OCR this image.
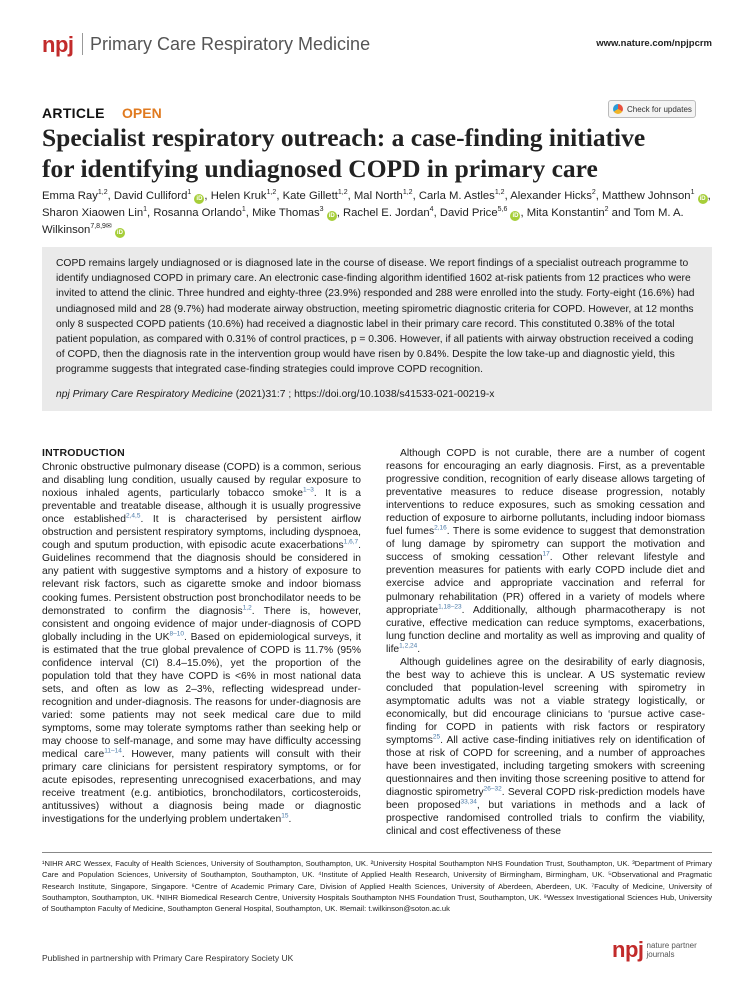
npj Primary Care Respiratory Medicine	www.nature.com/npjpcrm
ARTICLE OPEN	Check for updates
Specialist respiratory outreach: a case-finding initiative for identifying undiagnosed COPD in primary care
Emma Ray$^{1,2}$, David Culliford$^1$ iD , Helen Kruk$^{1,2}$, Kate Gillett$^{1,2}$, Mal North$^{1,2}$, Carla M. Astles$^{1,2}$, Alexander Hicks$^2$, Matthew Johnson$^1$ iD , Sharon Xiaowen Lin$^1$, Rosanna Orlando$^1$, Mike Thomas$^3$ iD , Rachel E. Jordan$^4$, David Price$^{5,6}$ iD , Mita Konstantin$^2$ and Tom M. A. Wilkinson$^{7,8,9✉}$ iD

COPD remains largely undiagnosed or is diagnosed late in the course of disease. We report findings of a specialist outreach programme to identify undiagnosed COPD in primary care. An electronic case-finding algorithm identified 1602 at-risk patients from 12 practices who were invited to attend the clinic. Three hundred and eighty-three (23.9%) responded and 288 were enrolled into the study. Forty-eight (16.6%) had undiagnosed mild and 28 (9.7%) had moderate airway obstruction, meeting spirometric diagnostic criteria for COPD. However, at 12 months only 8 suspected COPD patients (10.6%) had received a diagnostic label in their primary care record. This constituted 0.38% of the total patient population, as compared with 0.31% of control practices, p = 0.306. However, if all patients with airway obstruction received a coding of COPD, then the diagnosis rate in the intervention group would have risen by 0.84%. Despite the low take-up and diagnostic yield, this programme suggests that integrated case-finding strategies could improve COPD recognition.

npj Primary Care Respiratory Medicine (2021)31:7 ; https://doi.org/10.1038/s41533-021-00219-x
INTRODUCTION

Chronic obstructive pulmonary disease (COPD) is a common, serious and disabling lung condition, usually caused by regular exposure to noxious inhaled agents, particularly tobacco smoke$^{1-3}$. It is a preventable and treatable disease, although it is usually progressive once established$^{2,4,5}$. It is characterised by persistent airflow obstruction and persistent respiratory symptoms, including dyspnoea, cough and sputum production, with episodic acute exacerbations$^{1,6,7}$. Guidelines recommend that the diagnosis should be considered in any patient with suggestive symptoms and a history of exposure to relevant risk factors, such as cigarette smoke and indoor biomass cooking fumes. Persistent obstruction post bronchodilator needs to be demonstrated to confirm the diagnosis$^{1,2}$. There is, however, consistent and ongoing evidence of major under-diagnosis of COPD globally including in the UK$^{8-10}$. Based on epidemiological surveys, it is estimated that the true global prevalence of COPD is 11.7% (95% confidence interval (CI) 8.4–15.0%), yet the proportion of the population told that they have COPD is <6% in most national data sets, and often as low as 2–3%, reflecting widespread under-recognition and under-diagnosis. The reasons for under-diagnosis are varied: some patients may not seek medical care due to mild symptoms, some may tolerate symptoms rather than seeking help or may choose to self-manage, and some may have difficulty accessing medical care$^{11-14}$. However, many patients will consult with their primary care clinicians for persistent respiratory symptoms, or for acute episodes, representing unrecognised exacerbations, and may receive treatment (e.g. antibiotics, bronchodilators, corticosteroids, antitussives) without a diagnosis being made or diagnostic investigations for the underlying problem undertaken$^{15}$.

Although COPD is not curable, there are a number of cogent reasons for encouraging an early diagnosis. First, as a preventable progressive condition, recognition of early disease allows targeting of preventative measures to reduce disease progression, notably interventions to reduce exposures, such as smoking cessation and reduction of exposure to airborne pollutants, including indoor biomass fuel fumes$^{2,16}$. There is some evidence to suggest that demonstration of lung damage by spirometry can support the motivation and success of smoking cessation$^{17}$. Other relevant lifestyle and prevention measures for patients with early COPD include diet and exercise advice and appropriate vaccination and referral for pulmonary rehabilitation (PR) offered in a variety of models where appropriate$^{1,18-23}$. Additionally, although pharmacotherapy is not curative, effective medication can reduce symptoms, exacerbations, lung function decline and mortality as well as improving and quality of life$^{1,2,24}$.

Although guidelines agree on the desirability of early diagnosis, the best way to achieve this is unclear. A US systematic review concluded that population-level screening with spirometry in asymptomatic adults was not a viable strategy logistically, or economically, but did encourage clinicians to ‘pursue active case-finding for COPD in patients with risk factors or respiratory symptoms$^{25}$. All active case-finding initiatives rely on identification of those at risk of COPD for screening, and a number of approaches have been investigated, including targeting smokers with screening questionnaires and then inviting those screening positive to attend for diagnostic spirometry$^{26-32}$. Several COPD risk-prediction models have been proposed$^{33,34}$, but variations in methods and a lack of prospective randomised controlled trials to confirm the viability, clinical and cost effectiveness of these

¹NIHR ARC Wessex, Faculty of Health Sciences, University of Southampton, Southampton, UK. ²University Hospital Southampton NHS Foundation Trust, Southampton, UK. ³Department of Primary Care and Population Sciences, University of Southampton, Southampton, UK. ⁴Institute of Applied Health Research, University of Birmingham, Birmingham, UK. ⁵Observational and Pragmatic Research Institute, Singapore, Singapore. ⁶Centre of Academic Primary Care, Division of Applied Health Sciences, University of Aberdeen, Aberdeen, UK. ⁷Faculty of Medicine, University of Southampton, Southampton, UK. ⁸NIHR Biomedical Research Centre, University Hospitals Southampton NHS Foundation Trust, Southampton, UK. ⁹Wessex Investigational Sciences Hub, University of Southampton Faculty of Medicine, Southampton General Hospital, Southampton, UK. ✉email: t.wilkinson@soton.ac.uk

Published in partnership with Primary Care Respiratory Society UK	npj nature partner
journals
